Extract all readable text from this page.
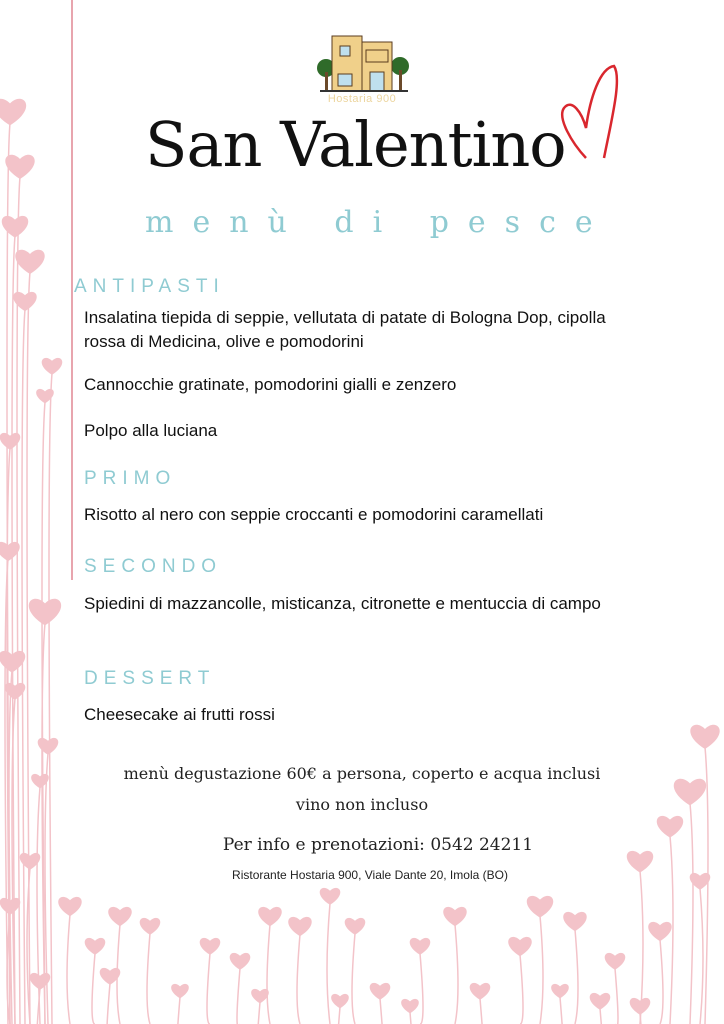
Hostaria 900
San Valentino
menù di pesce
ANTIPASTI
Insalatina tiepida di seppie, vellutata di patate di Bologna Dop, cipolla rossa di Medicina, olive e pomodorini
Cannocchie gratinate, pomodorini gialli e zenzero
Polpo alla luciana
PRIMO
Risotto al nero con seppie croccanti e pomodorini caramellati
SECONDO
Spiedini di mazzancolle, misticanza, citronette e mentuccia di campo
DESSERT
Cheesecake ai frutti rossi
menù degustazione 60€ a persona, coperto e acqua inclusi
vino non incluso
Per info e prenotazioni: 0542 24211
Ristorante Hostaria 900, Viale Dante 20, Imola (BO)
